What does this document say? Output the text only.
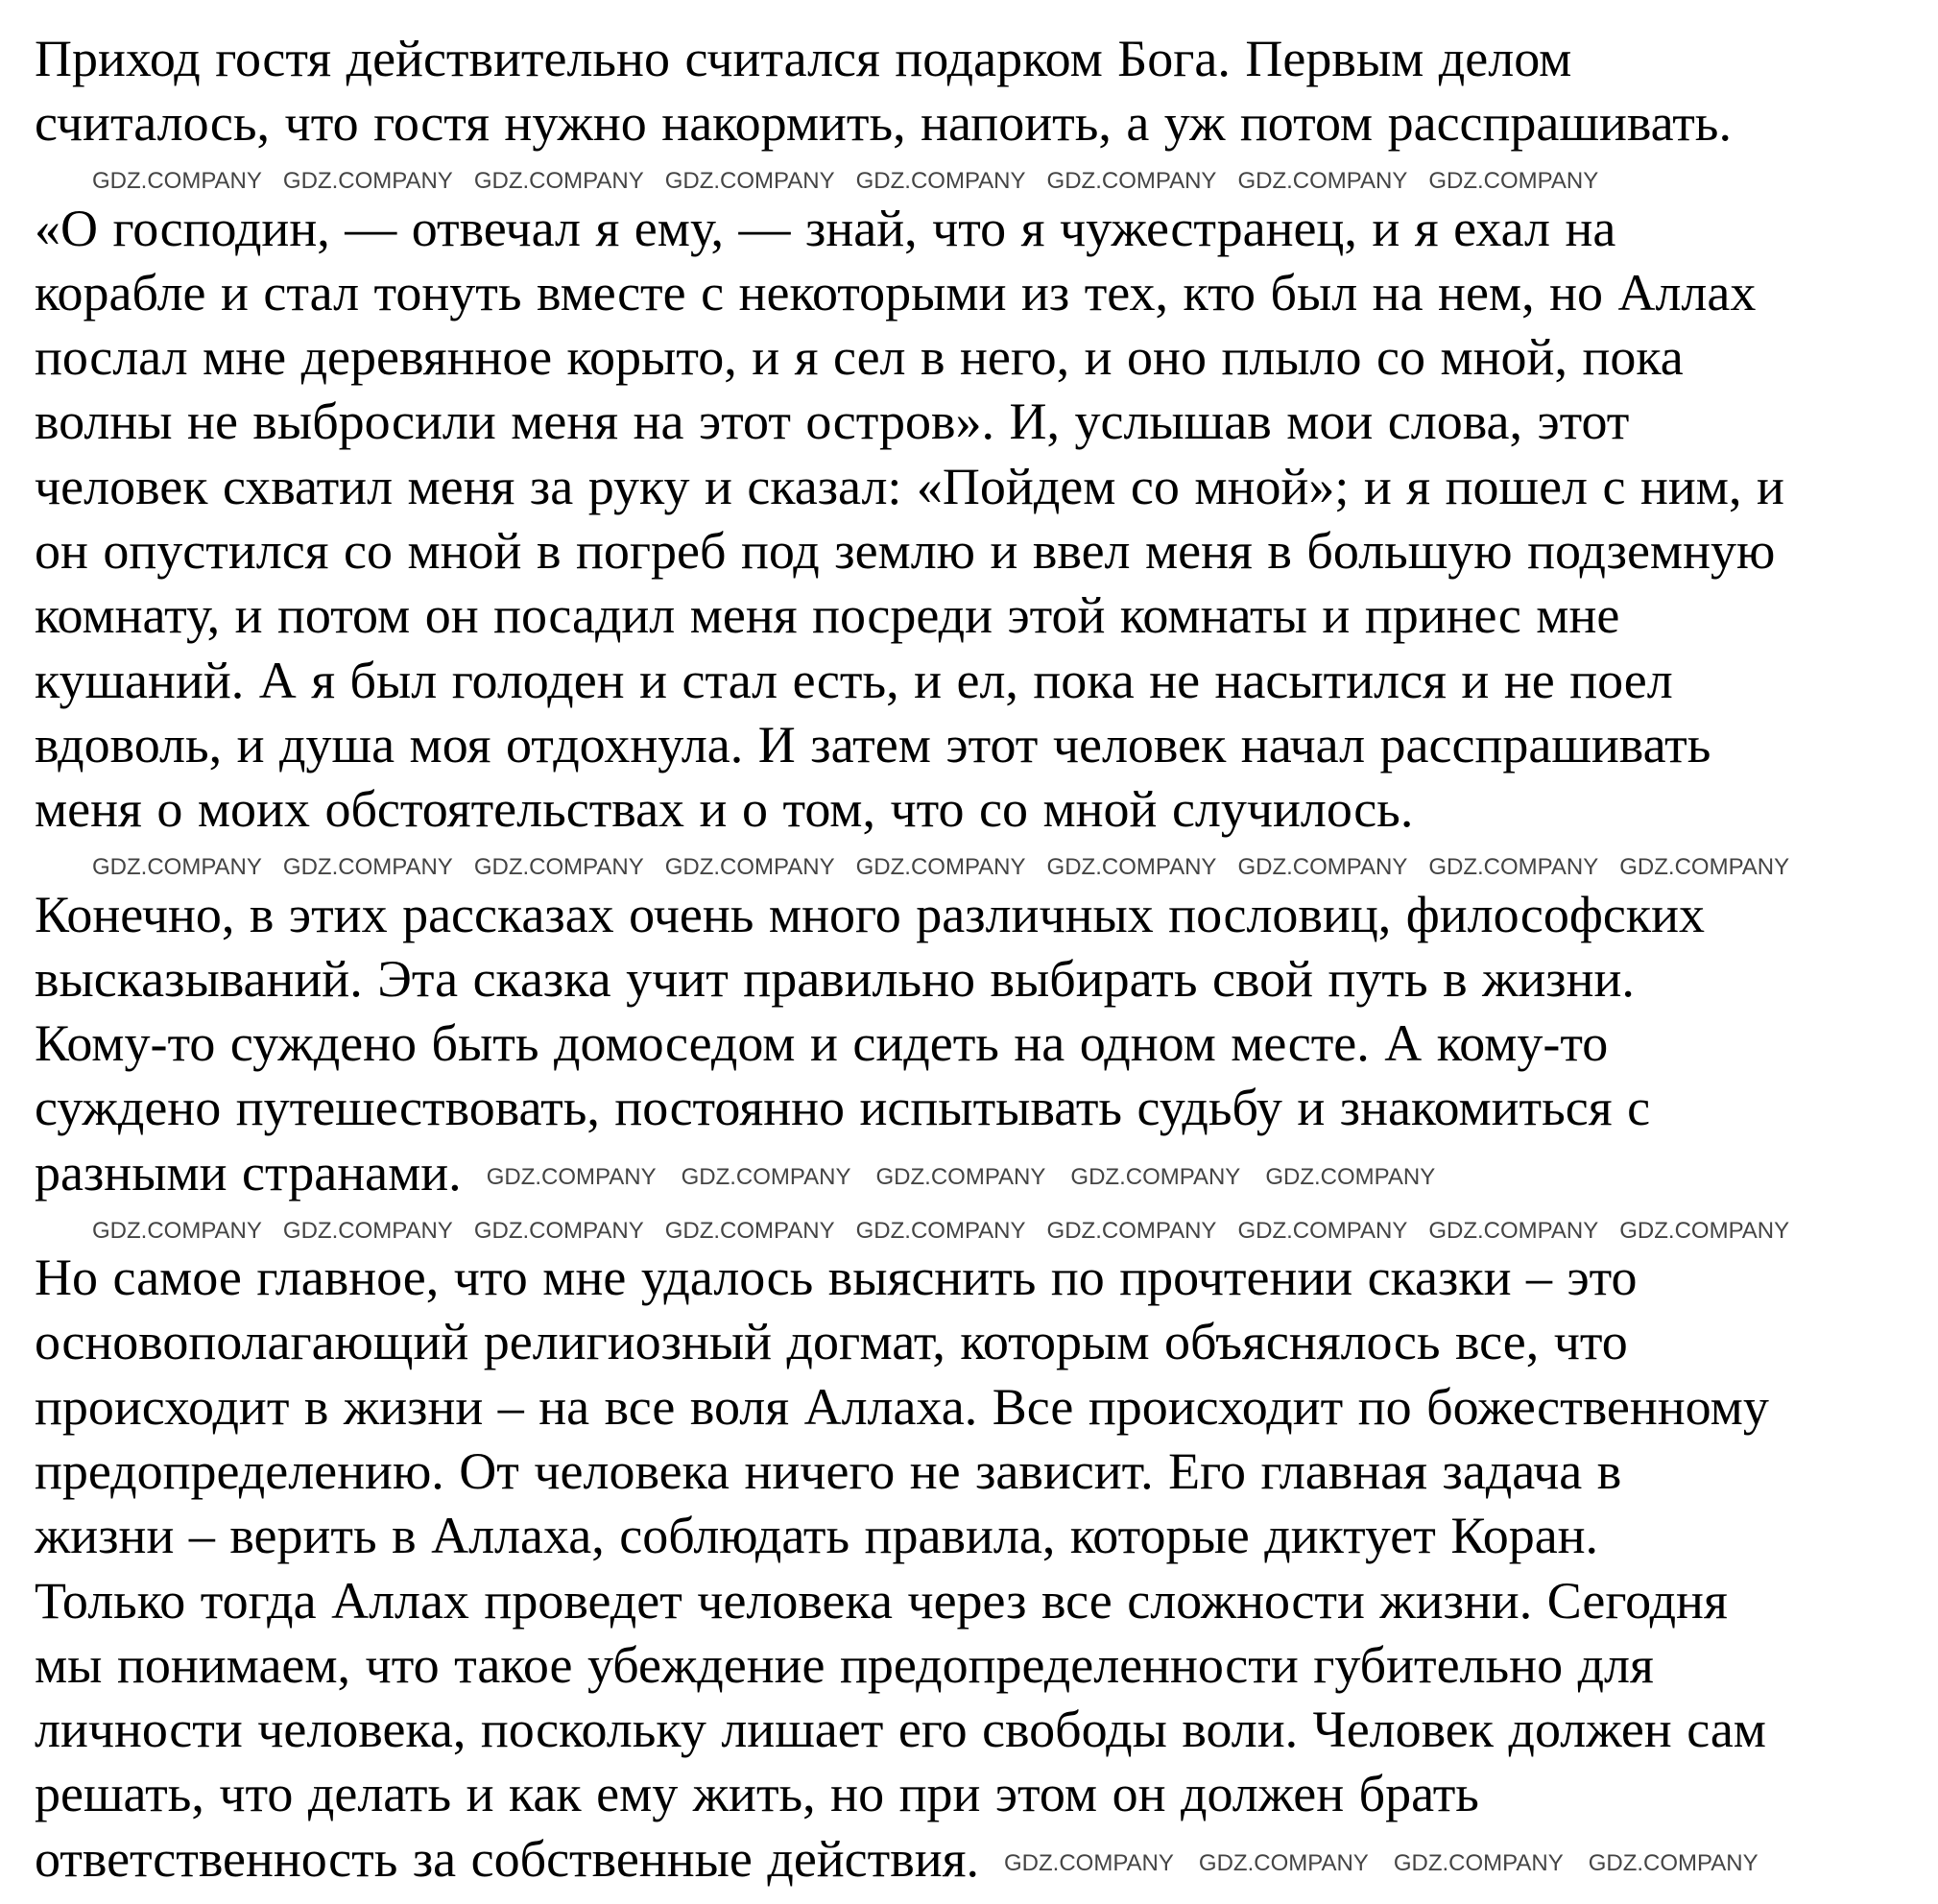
Приход гостя действительно считался подарком Бога. Первым делом
считалось, что гостя нужно накормить, напоить, а уж потом расспрашивать.
GDZ.COMPANY GDZ.COMPANY GDZ.COMPANY GDZ.COMPANY GDZ.COMPANY GDZ.COMPANY GDZ.COMPANY GDZ.COMPANY
«О господин, — отвечал я ему, — знай, что я чужестранец, и я ехал на
корабле и стал тонуть вместе с некоторыми из тех, кто был на нем, но Аллах
послал мне деревянное корыто, и я сел в него, и оно плыло со мной, пока
волны не выбросили меня на этот остров». И, услышав мои слова, этот
человек схватил меня за руку и сказал: «Пойдем со мной»; и я пошел с ним, и
он опустился со мной в погреб под землю и ввел меня в большую подземную
комнату, и потом он посадил меня посреди этой комнаты и принес мне
кушаний. А я был голоден и стал есть, и ел, пока не насытился и не поел
вдоволь, и душа моя отдохнула. И затем этот человек начал расспрашивать
меня о моих обстоятельствах и о том, что со мной случилось.
GDZ.COMPANY GDZ.COMPANY GDZ.COMPANY GDZ.COMPANY GDZ.COMPANY GDZ.COMPANY GDZ.COMPANY GDZ.COMPANY GDZ.COMPANY
Конечно, в этих рассказах очень много различных пословиц, философских
высказываний. Эта сказка учит правильно выбирать свой путь в жизни.
Кому-то суждено быть домоседом и сидеть на одном месте. А кому-то
суждено путешествовать, постоянно испытывать судьбу и знакомиться с
разными странами. GDZ.COMPANY GDZ.COMPANY GDZ.COMPANY GDZ.COMPANY GDZ.COMPANY
GDZ.COMPANY GDZ.COMPANY GDZ.COMPANY GDZ.COMPANY GDZ.COMPANY GDZ.COMPANY GDZ.COMPANY GDZ.COMPANY GDZ.COMPANY
Но самое главное, что мне удалось выяснить по прочтении сказки – это
основополагающий религиозный догмат, которым объяснялось все, что
происходит в жизни – на все воля Аллаха. Все происходит по божественному
предопределению. От человека ничего не зависит. Его главная задача в
жизни – верить в Аллаха, соблюдать правила, которые диктует Коран.
Только тогда Аллах проведет человека через все сложности жизни. Сегодня
мы понимаем, что такое убеждение предопределенности губительно для
личности человека, поскольку лишает его свободы воли. Человек должен сам
решать, что делать и как ему жить, но при этом он должен брать
ответственность за собственные действия. GDZ.COMPANY GDZ.COMPANY GDZ.COMPANY GDZ.COMPANY
